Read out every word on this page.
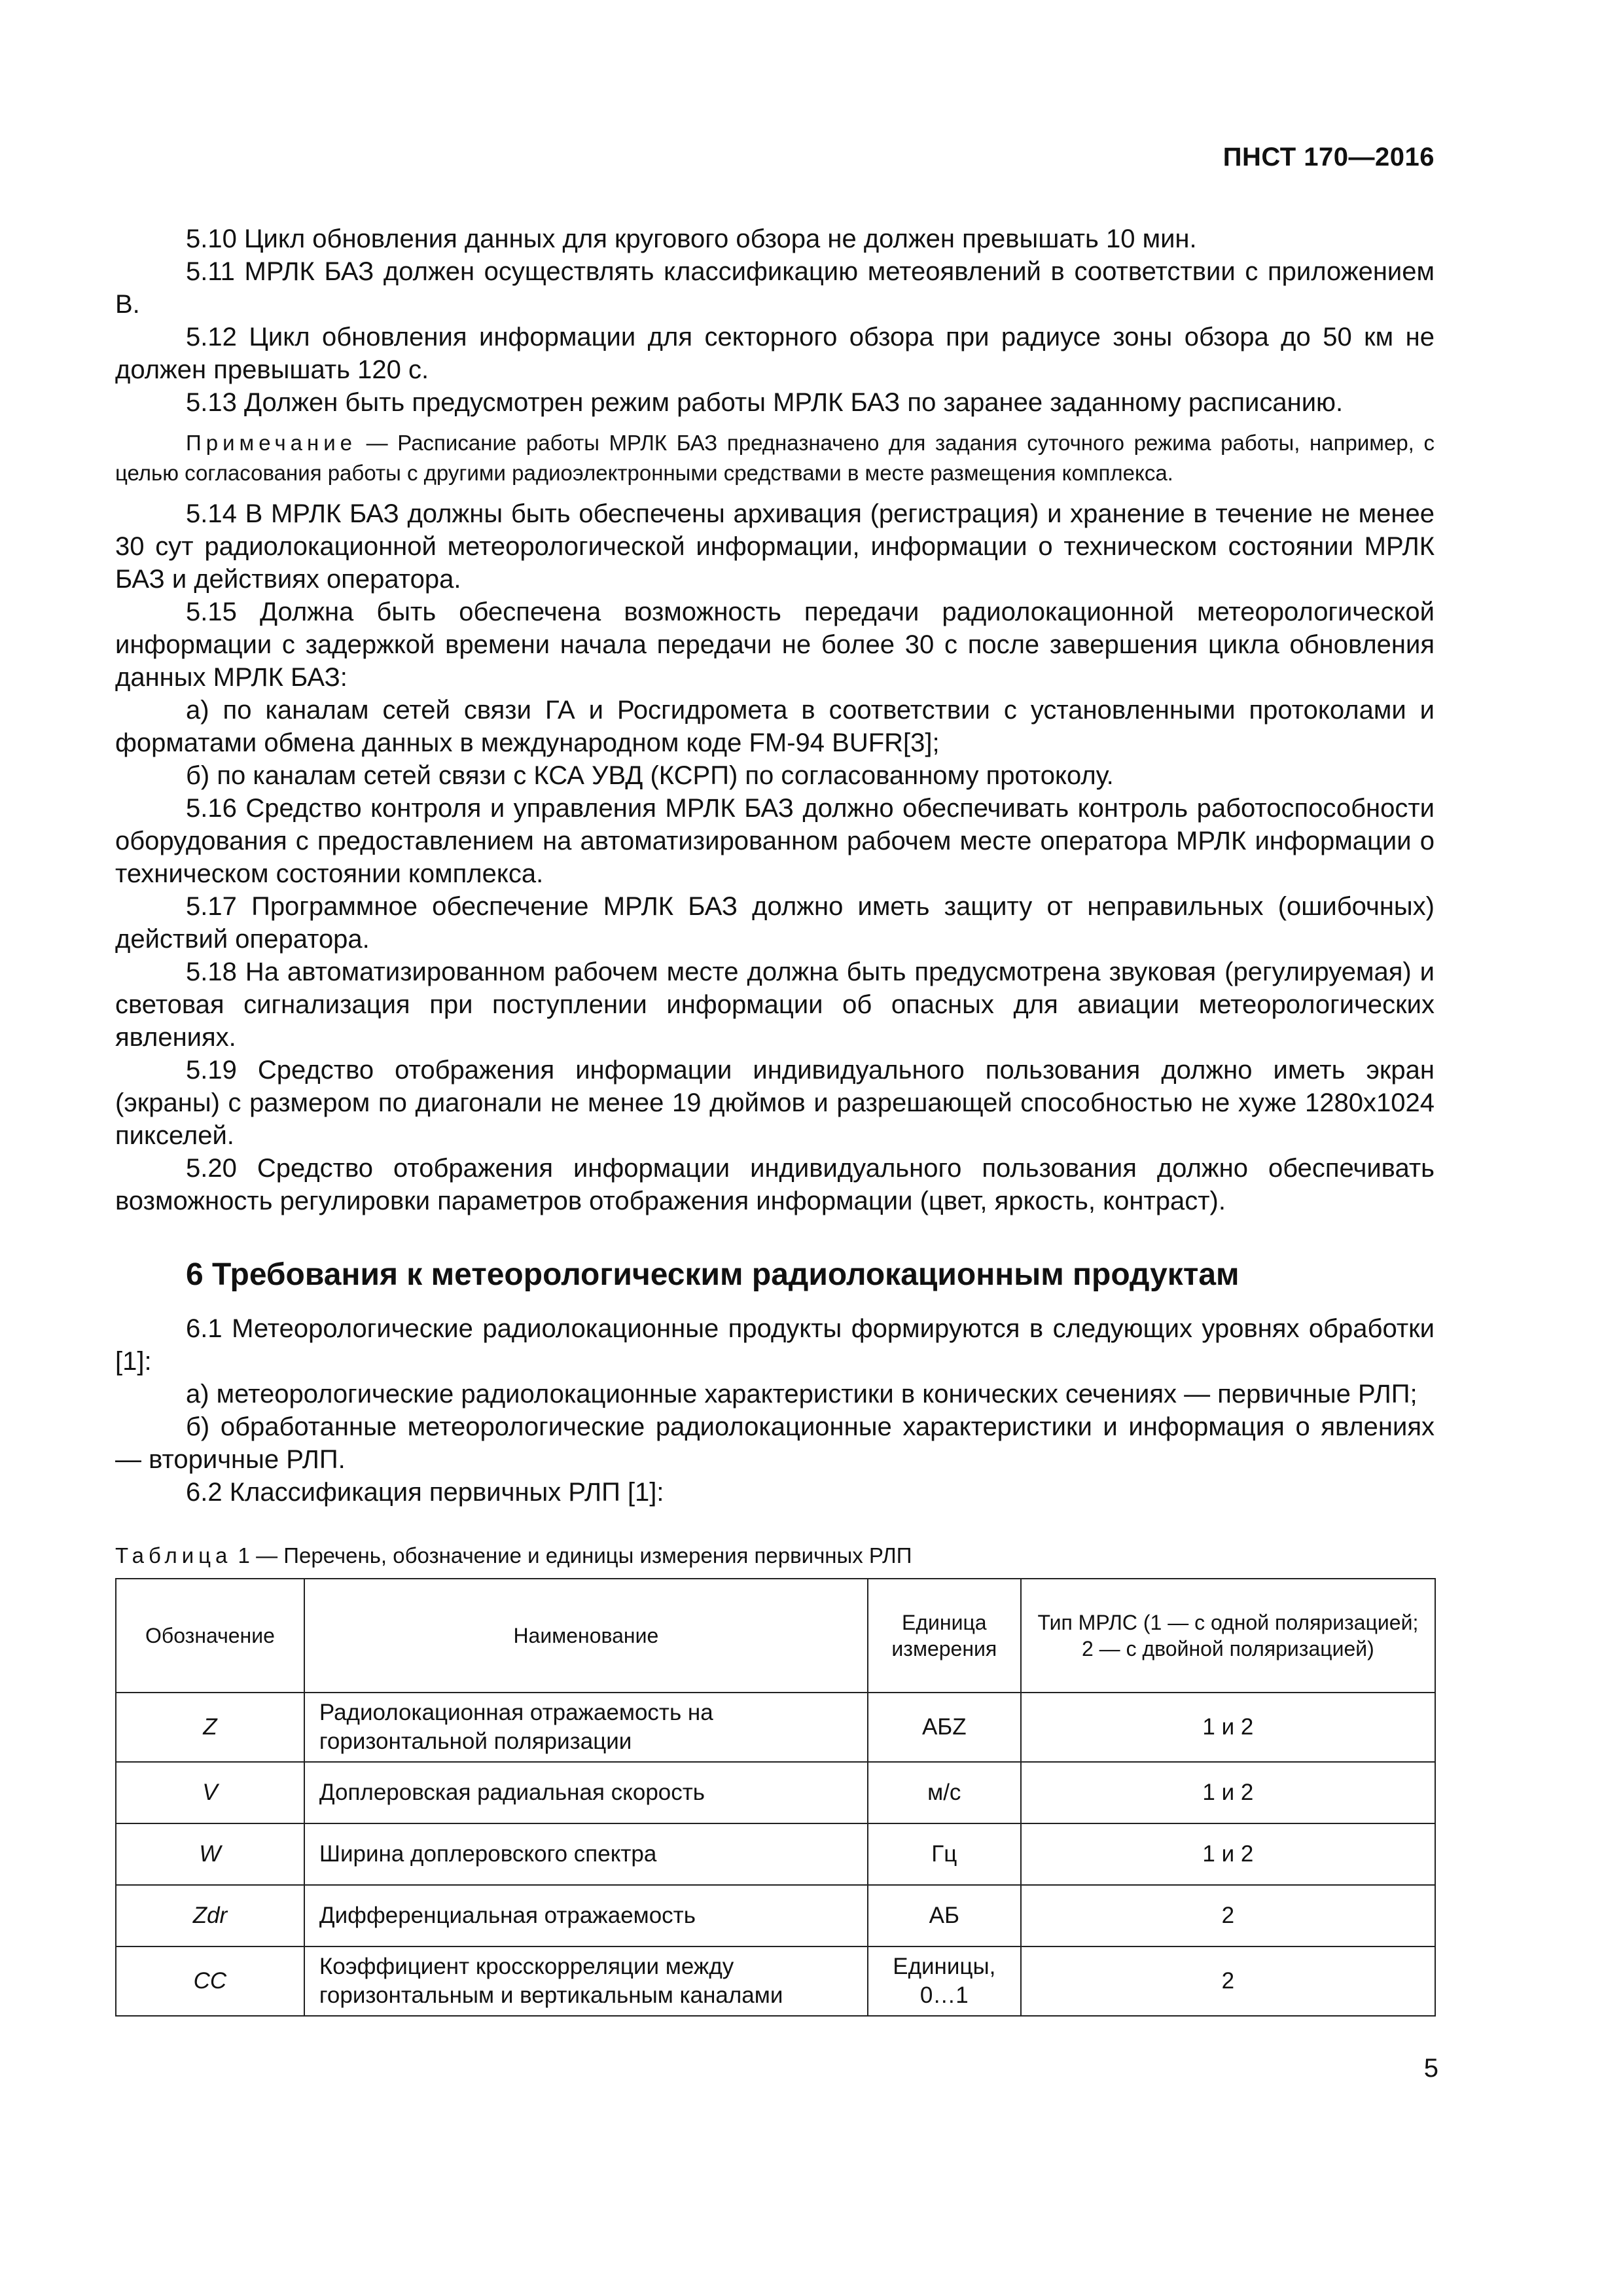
ПНСТ 170—2016

5.10 Цикл обновления данных для кругового обзора не должен превышать 10 мин.

5.11 МРЛК БАЗ должен осуществлять классификацию метеоявлений в соответствии с приложением В.

5.12 Цикл обновления информации для секторного обзора при радиусе зоны обзора до 50 км не должен превышать 120 с.

5.13 Должен быть предусмотрен режим работы МРЛК БАЗ по заранее заданному расписанию.

Примечание — Расписание работы МРЛК БАЗ предназначено для задания суточного режима работы, например, с целью согласования работы с другими радиоэлектронными средствами в месте размещения комплекса.

5.14 В МРЛК БАЗ должны быть обеспечены архивация (регистрация) и хранение в течение не менее 30 сут радиолокационной метеорологической информации, информации о техническом состоянии МРЛК БАЗ и действиях оператора.

5.15 Должна быть обеспечена возможность передачи радиолокационной метеорологической информации с задержкой времени начала передачи не более 30 с после завершения цикла обновления данных МРЛК БАЗ:

а) по каналам сетей связи ГА и Росгидромета в соответствии с установленными протоколами и форматами обмена данных в международном коде FM-94 BUFR[3];

б) по каналам сетей связи с КСА УВД (КСРП) по согласованному протоколу.

5.16 Средство контроля и управления МРЛК БАЗ должно обеспечивать контроль работоспособности оборудования с предоставлением на автоматизированном рабочем месте оператора МРЛК информации о техническом состоянии комплекса.

5.17 Программное обеспечение МРЛК БАЗ должно иметь защиту от неправильных (ошибочных) действий оператора.

5.18 На автоматизированном рабочем месте должна быть предусмотрена звуковая (регулируемая) и световая сигнализация при поступлении информации об опасных для авиации метеорологических явлениях.

5.19 Средство отображения информации индивидуального пользования должно иметь экран (экраны) с размером по диагонали не менее 19 дюймов и разрешающей способностью не хуже 1280х1024 пикселей.

5.20 Средство отображения информации индивидуального пользования должно обеспечивать возможность регулировки параметров отображения информации (цвет, яркость, контраст).

6 Требования к метеорологическим радиолокационным продуктам

6.1 Метеорологические радиолокационные продукты формируются в следующих уровнях обработки [1]:

а) метеорологические радиолокационные характеристики в конических сечениях — первичные РЛП;

б) обработанные метеорологические радиолокационные характеристики и информация о явлениях — вторичные РЛП.

6.2 Классификация первичных РЛП [1]:

Таблица 1 — Перечень, обозначение и единицы измерения первичных РЛП
Обозначение	Наименование	Единица измерения	Тип МРЛС (1 — с одной поляризацией; 2 — с двойной поляризацией)
Z	Радиолокационная отражаемость на горизонтальной поляризации	АБZ	1 и 2
V	Доплеровская радиальная скорость	м/с	1 и 2
W	Ширина доплеровского спектра	Гц	1 и 2
Zdr	Дифференциальная отражаемость	АБ	2
CC	Коэффициент кросскорреляции между горизонтальным и вертикальным каналами	Единицы, 0…1	2
5
